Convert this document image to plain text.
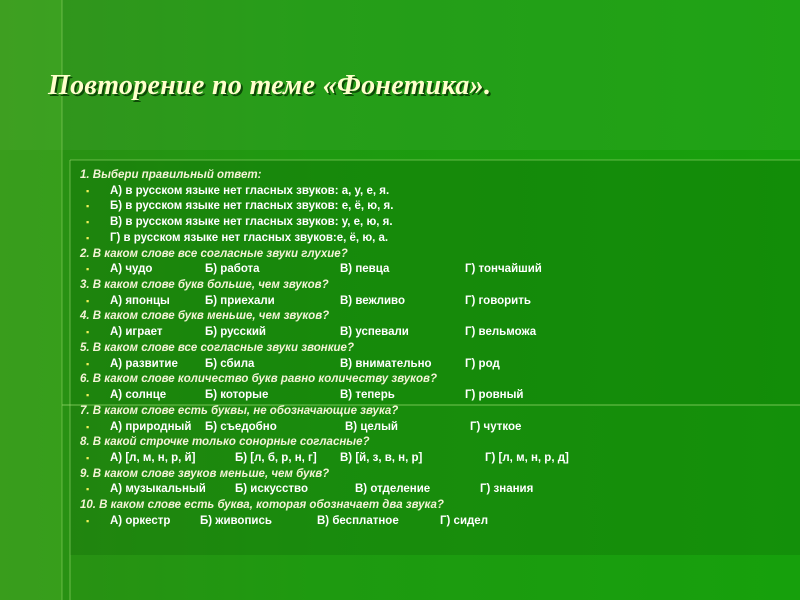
Повторение по теме «Фонетика».
1. Выбери правильный ответ:
▪ А) в русском языке нет гласных звуков: а, у, е, я.
▪ Б) в русском языке нет гласных звуков: е, ё, ю, я.
▪ В) в русском языке нет гласных звуков: у, е, ю, я.
▪ Г) в русском языке нет гласных звуков:е, ё, ю, а.
2. В каком слове все согласные звуки глухие?
▪ А) чудо	Б) работа	В) певца	Г) тончайший
3. В каком слове букв больше, чем звуков?
▪ А) японцы	Б) приехали	В) вежливо	Г) говорить
4. В каком слове букв меньше, чем звуков?
▪ А) играет	Б) русский	В) успевали	Г) вельможа
5. В каком слове все согласные звуки звонкие?
▪ А) развитие Б) сбила	В) внимательно	Г) род
6. В каком слове количество букв равно количеству звуков?
▪ А) солнце	Б) которые	В) теперь	Г) ровный
7. В каком слове есть буквы, не обозначающие звука?
▪ А) природный Б) съедобно	В) целый	Г) чуткое
8. В какой строчке только сонорные согласные?
▪ А) [л, м, н, р, й]	Б) [л, б, р, н, г] В) [й, з, в, н, р]	Г) [л, м, н, р, д]
9. В каком слове звуков меньше, чем букв?
▪ А) музыкальный	Б) искусство	В) отделение	Г) знания
10. В каком слове есть буква, которая обозначает два звука?
▪ А) оркестр	Б) живопись	В) бесплатное	Г) сидел
